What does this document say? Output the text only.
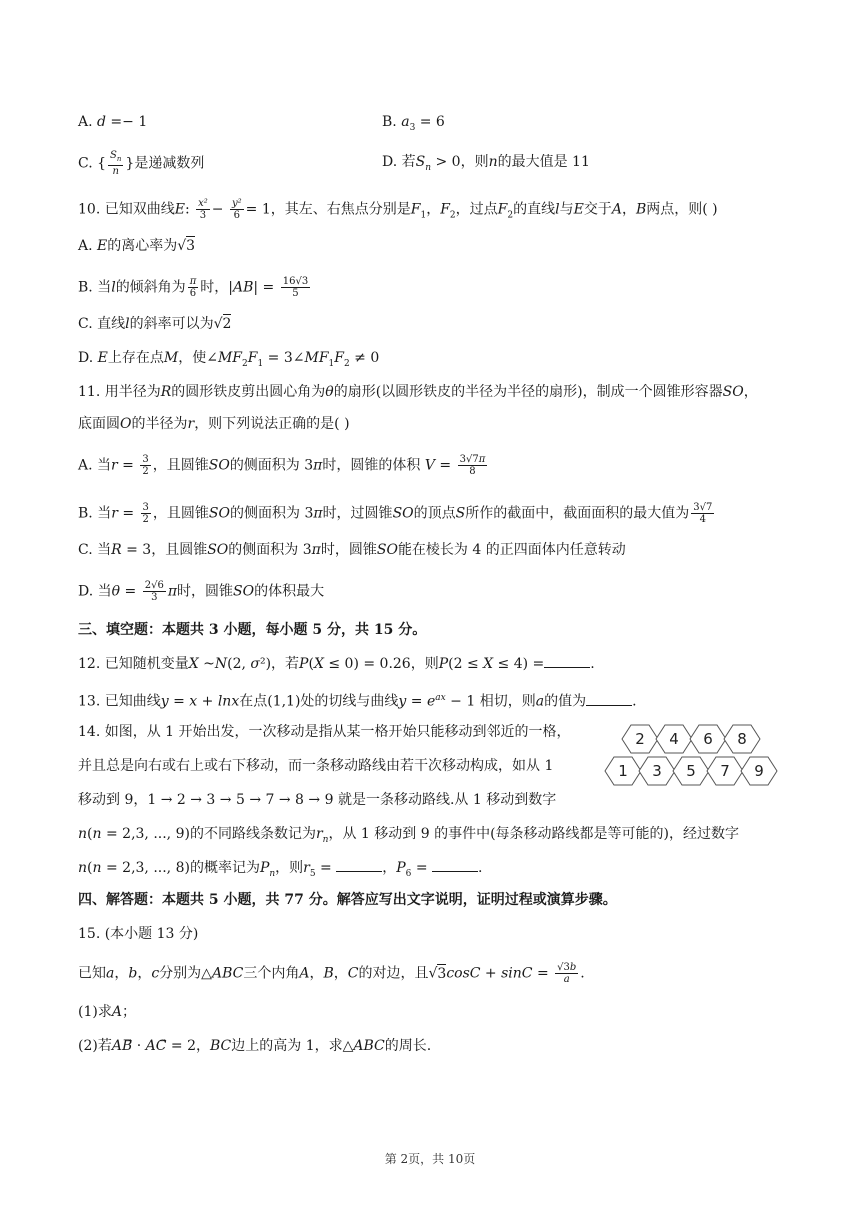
A. d =− 1	B. $a_3 = 6$
C. { $\frac{S_n}{n}$ }是递减数列	D. 若$S_n > 0$，则n的最大值是 11
10. 已知双曲线E: $\frac{\text{x²}}{3} - \frac{\text{y²}}{6} = 1$，其左、右焦点分别是$F_1$，$F_2$，过点$F_2$的直线l与E交于A，B两点，则( )
A. E的离心率为√3
B. 当l的倾斜角为 $\frac{\pi}{6}$ 时，$|AB| = \frac{16√3}{5}$
C. 直线l的斜率可以为√2
D. E上存在点M，使$\angle MF_2F_1$ = $3\angle MF_1F_2 \ne 0$
11. 用半径为R的圆形铁皮剪出圆心角为θ的扇形(以圆形铁皮的半径为半径的扇形)，制成一个圆锥形容器SO，
底面圆O的半径为r，则下列说法正确的是( )
A. 当$r = \frac{3}{2}$ ，且圆锥SO的侧面积为 3π时，圆锥的体积 $V = \frac{3√7\pi}{8}$
B. 当$r = \frac{3}{2}$ ，且圆锥SO的侧面积为 3π时，过圆锥SO的顶点S所作的截面中，截面面积的最大值为 $\frac{3√7}{4}$
C. 当R = 3，且圆锥SO的侧面积为 3π时，圆锥SO能在棱长为 4 的正四面体内任意转动
D. 当$\theta = \frac{2√6}{3}$ π时，圆锥SO的体积最大
三、填空题：本题共 3 小题，每小题 5 分，共 15 分。
12. 已知随机变量X ~N(2, σ²)，若P(X ≤ 0) = 0.26，则P(2 ≤ X ≤ 4) =	.
13. 已知曲线y = x + lnx在点(1,1)处的切线与曲线$y = e^{ax} - 1$ 相切，则a的值为	.
14. 如图，从 1 开始出发，一次移动是指从某一格开始只能移动到邻近的一格，
并且总是向右或右上或右下移动，而一条移动路线由若干次移动构成，如从 1
移动到 9，1 → 2 → 3 → 5 → 7 → 8 → 9 就是一条移动路线.从 1 移动到数字
n(n = 2,3, ..., 9)的不同路线条数记为$r_n$，从 1 移动到 9 的事件中(每条移动路线都是等可能的)，经过数字
n(n = 2,3, ..., 8)的概率记为$P_n$，则$r_5$ =	，$P_6$ =	.
2 4 6 8
1 3 5 7 9
四、解答题：本题共 5 小题，共 77 分。解答应写出文字说明，证明过程或演算步骤。
15. (本小题 13 分)
已知a，b，c分别为△ABC三个内角A，B，C的对边，且$√3\cos C + \sin C = \frac{√3b}{a}$ .
(1)求A；
(2)若AB⃗ · AC⃗ = 2，BC边上的高为 1，求△ABC的周长.
第 2页，共 10页
